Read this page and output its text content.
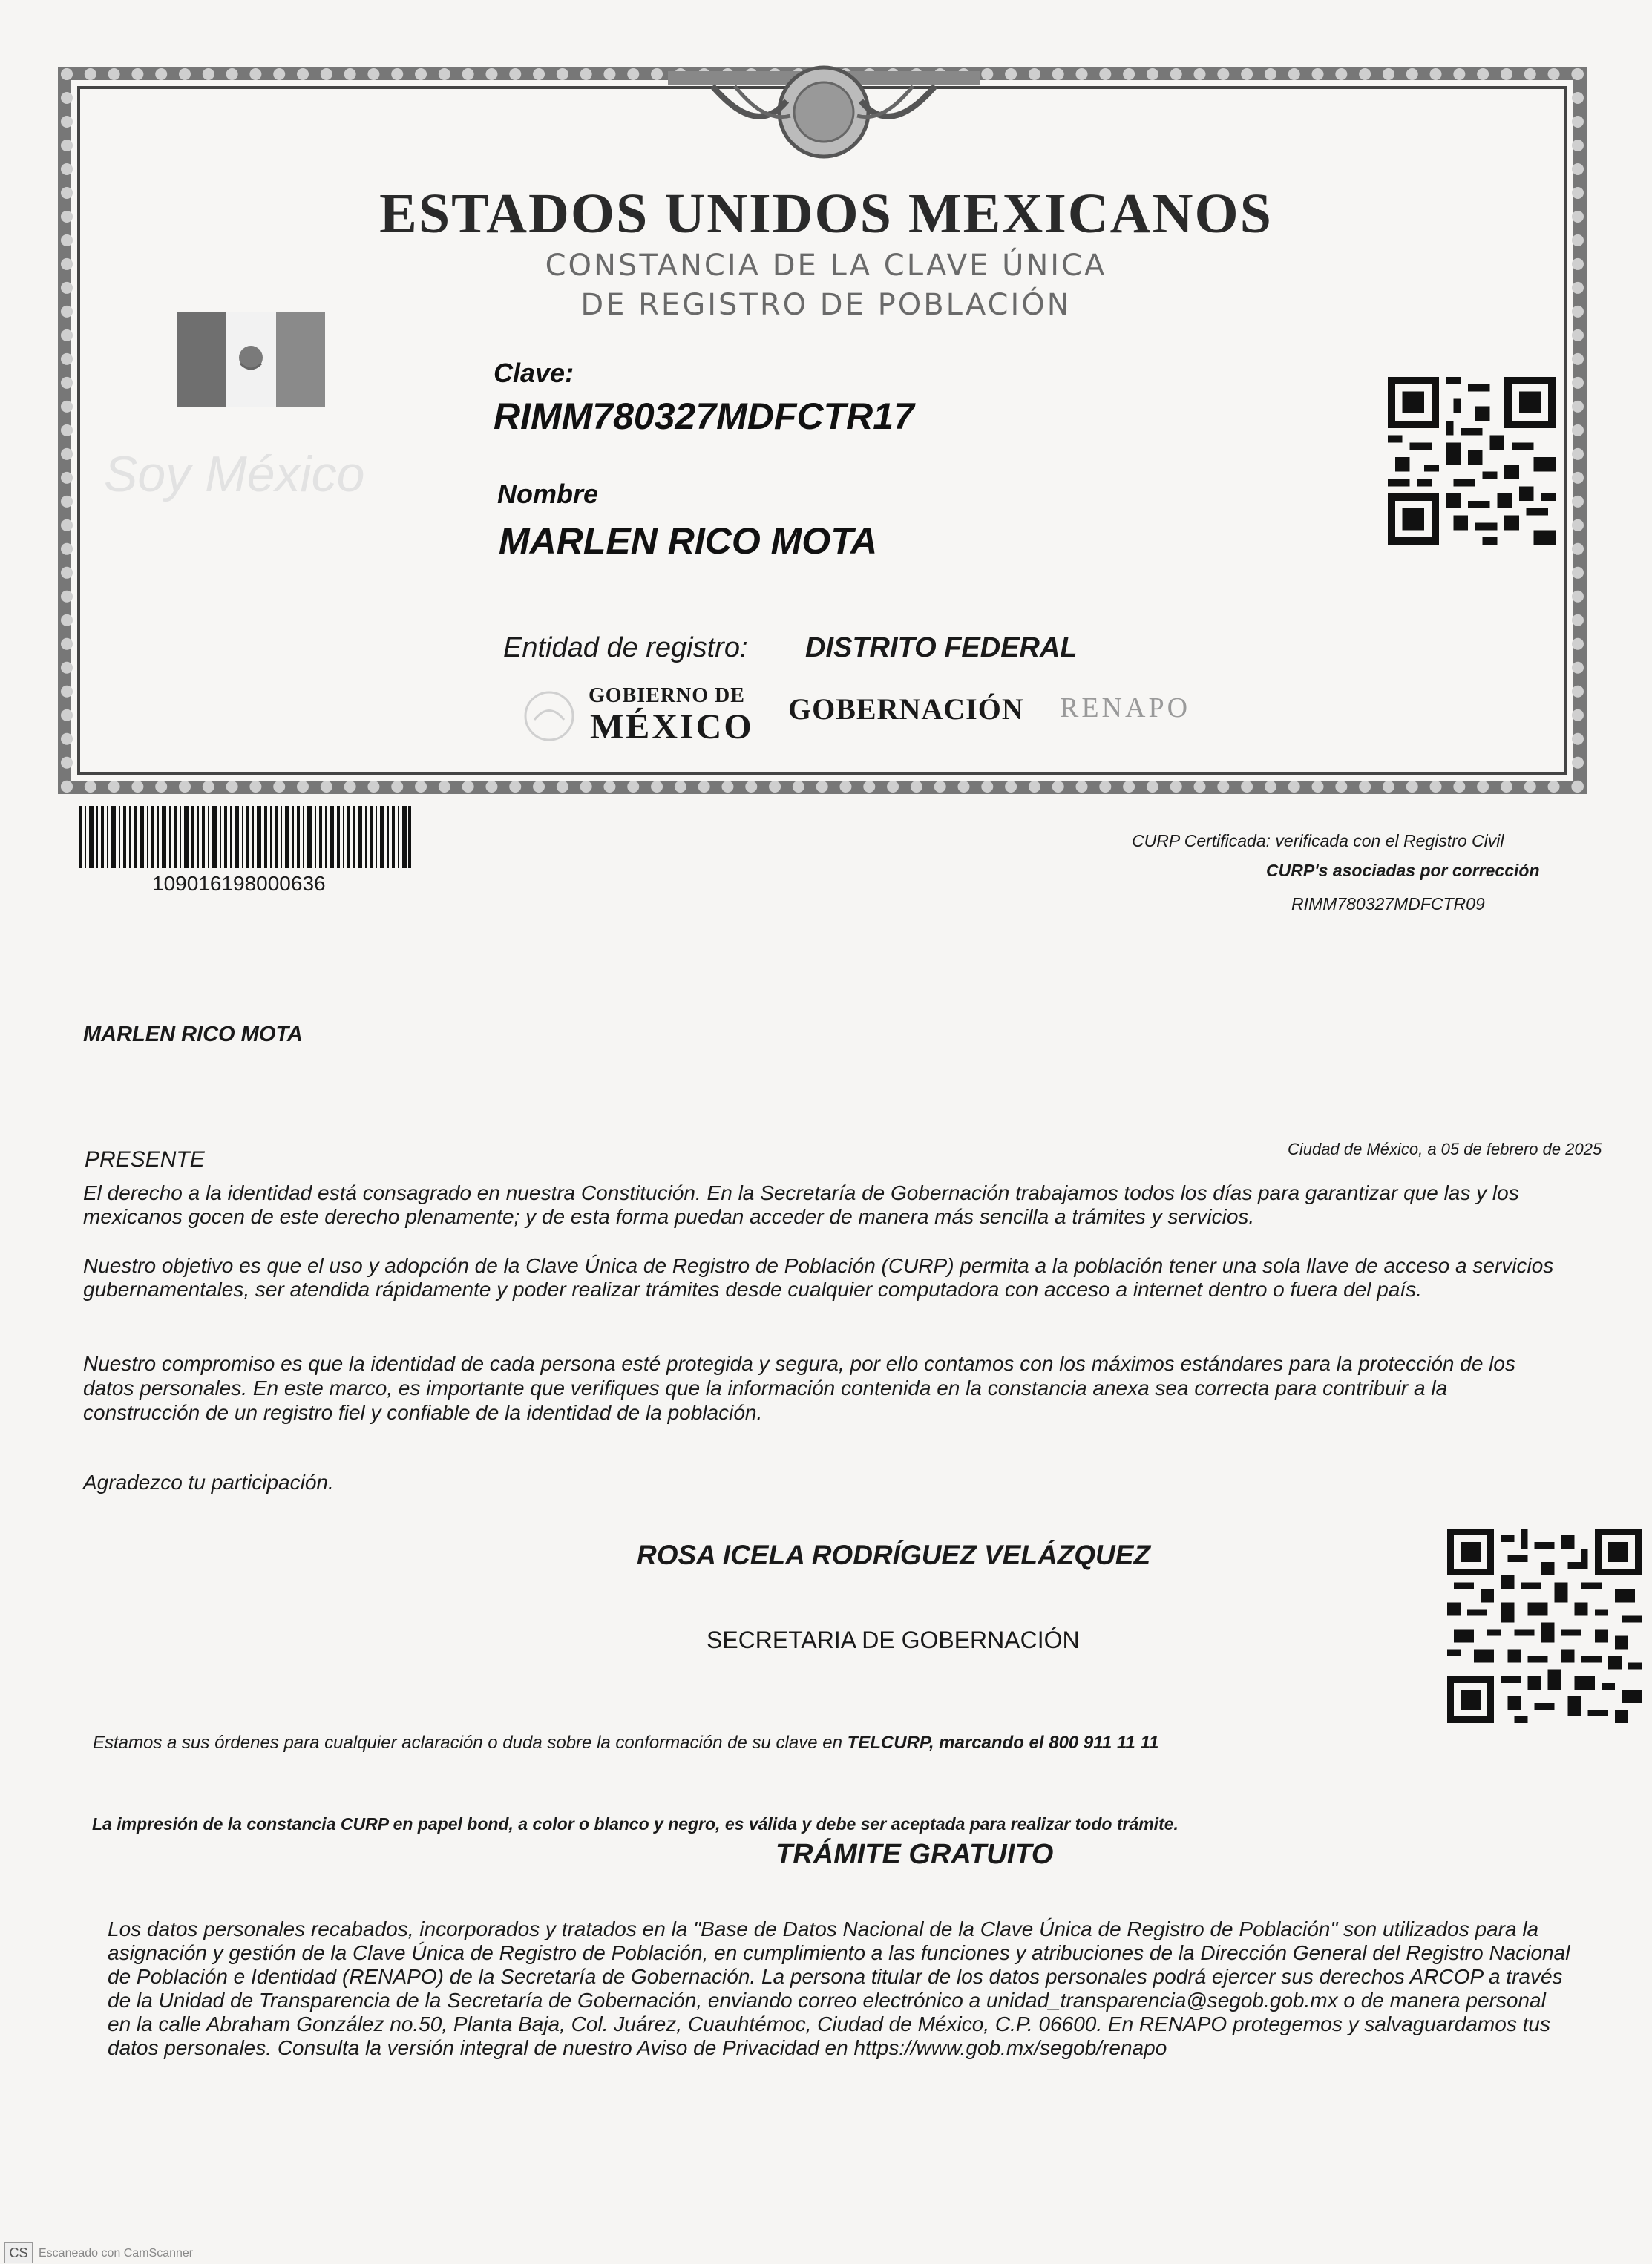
ESTADOS UNIDOS MEXICANOS
CONSTANCIA DE LA CLAVE ÚNICA
DE REGISTRO DE POBLACIÓN
Soy México
Clave:
RIMM780327MDFCTR17
Nombre
MARLEN RICO MOTA
Entidad de registro: DISTRITO FEDERAL
GOBIERNO DE
MÉXICO GOBERNACIÓN RENAPO
109016198000636
CURP Certificada: verificada con el Registro Civil
CURP's asociadas por corrección
RIMM780327MDFCTR09
MARLEN RICO MOTA
PRESENTE	Ciudad de México, a 05 de febrero de 2025
El derecho a la identidad está consagrado en nuestra Constitución. En la Secretaría de Gobernación trabajamos todos los días para garantizar que las y los
mexicanos gocen de este derecho plenamente; y de esta forma puedan acceder de manera más sencilla a trámites y servicios.
Nuestro objetivo es que el uso y adopción de la Clave Única de Registro de Población (CURP) permita a la población tener una sola llave de acceso a servicios
gubernamentales, ser atendida rápidamente y poder realizar trámites desde cualquier computadora con acceso a internet dentro o fuera del país.
Nuestro compromiso es que la identidad de cada persona esté protegida y segura, por ello contamos con los máximos estándares para la protección de los
datos personales. En este marco, es importante que verifiques que la información contenida en la constancia anexa sea correcta para contribuir a la
construcción de un registro fiel y confiable de la identidad de la población.
Agradezco tu participación.
ROSA ICELA RODRÍGUEZ VELÁZQUEZ
SECRETARIA DE GOBERNACIÓN
Estamos a sus órdenes para cualquier aclaración o duda sobre la conformación de su clave en TELCURP, marcando el 800 911 11 11
La impresión de la constancia CURP en papel bond, a color o blanco y negro, es válida y debe ser aceptada para realizar todo trámite.
TRÁMITE GRATUITO
Los datos personales recabados, incorporados y tratados en la "Base de Datos Nacional de la Clave Única de Registro de Población" son utilizados para la
asignación y gestión de la Clave Única de Registro de Población, en cumplimiento a las funciones y atribuciones de la Dirección General del Registro Nacional
de Población e Identidad (RENAPO) de la Secretaría de Gobernación. La persona titular de los datos personales podrá ejercer sus derechos ARCOP a través
de la Unidad de Transparencia de la Secretaría de Gobernación, enviando correo electrónico a unidad_transparencia@segob.gob.mx o de manera personal
en la calle Abraham González no.50, Planta Baja, Col. Juárez, Cuauhtémoc, Ciudad de México, C.P. 06600. En RENAPO protegemos y salvaguardamos tus
datos personales. Consulta la versión integral de nuestro Aviso de Privacidad en https://www.gob.mx/segob/renapo
CS Escaneado con CamScanner
